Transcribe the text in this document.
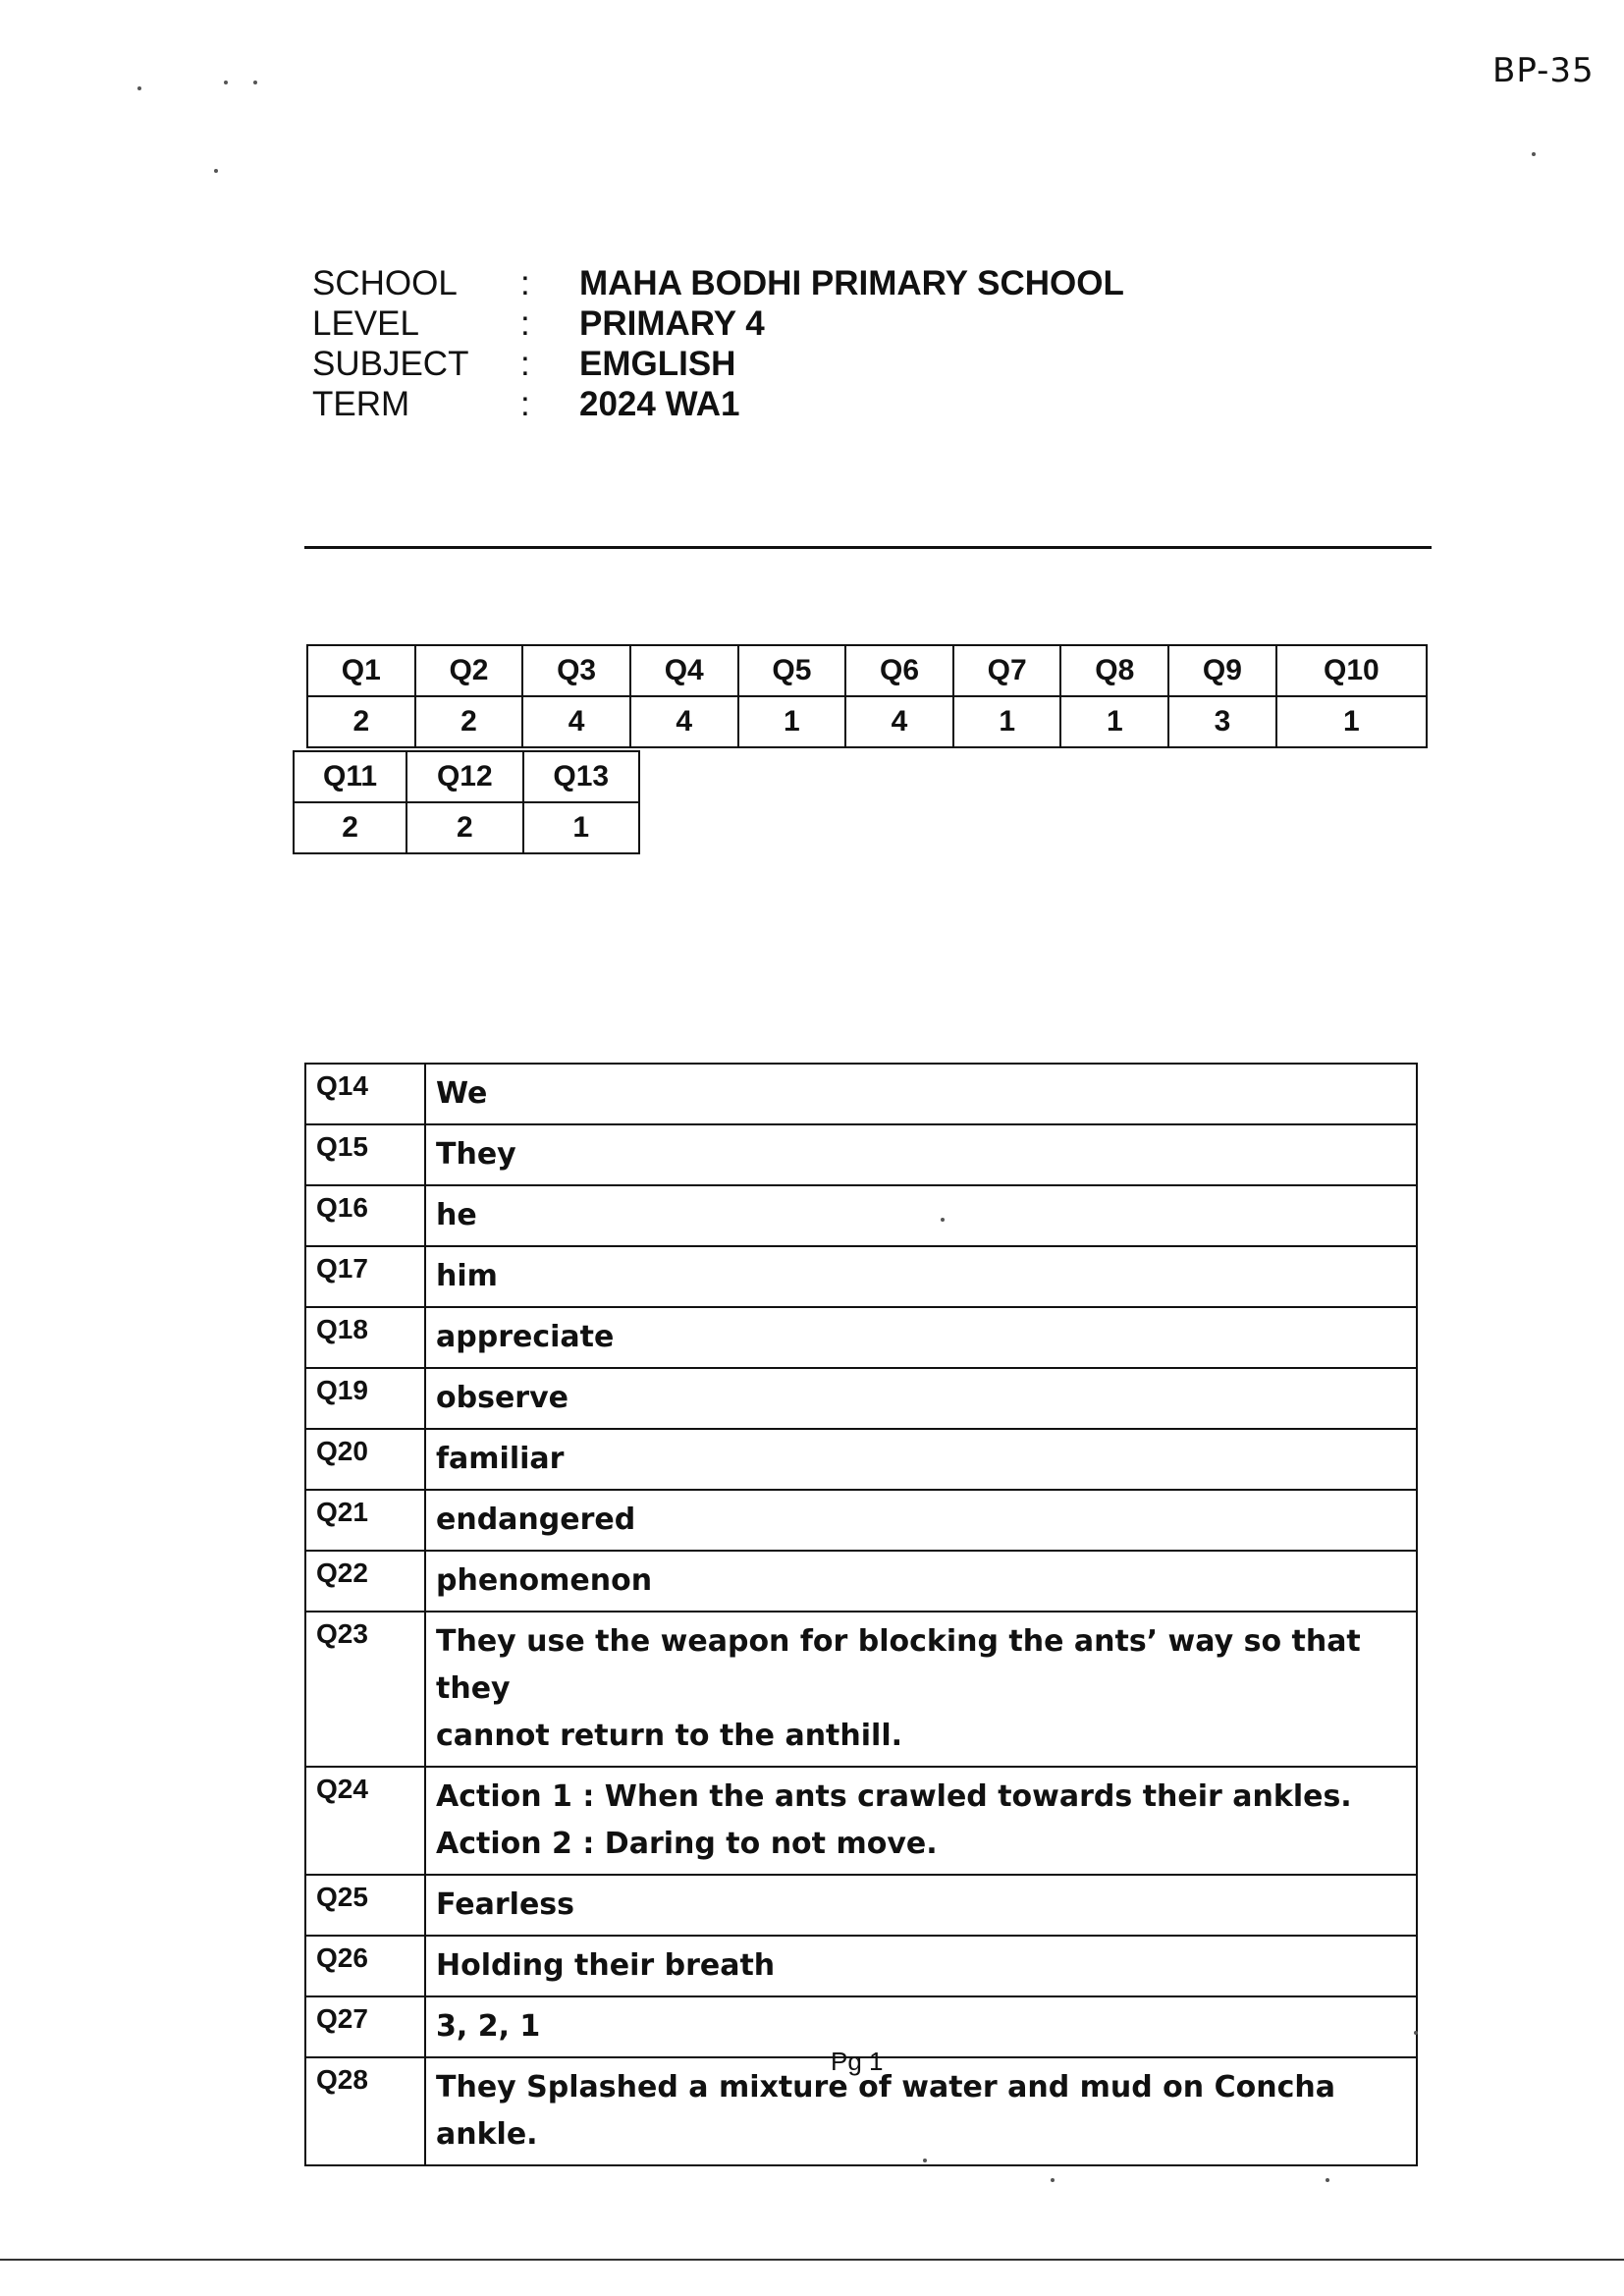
BP-35
SCHOOL	:	MAHA BODHI PRIMARY SCHOOL
LEVEL	:	PRIMARY 4
SUBJECT	:	EMGLISH
TERM	:	2024 WA1
Q1	Q2	Q3	Q4	Q5	Q6	Q7	Q8	Q9	Q10
2	2	4	4	1	4	1	1	3	1
Q11	Q12	Q13
2	2	1
Q14	We

Q15	They

Q16	he

Q17	him

Q18	appreciate

Q19	observe

Q20	familiar

Q21	endangered

Q22	phenomenon

Q23	They use the weapon for blocking the ants’ way so that they
cannot return to the anthill.

Q24	Action 1 : When the ants crawled towards their ankles.
Action 2 : Daring to not move.

Q25	Fearless

Q26	Holding their breath

Q27	3, 2, 1

Q28	They Splashed a mixture of water and mud on Concha ankle.
Pg 1
